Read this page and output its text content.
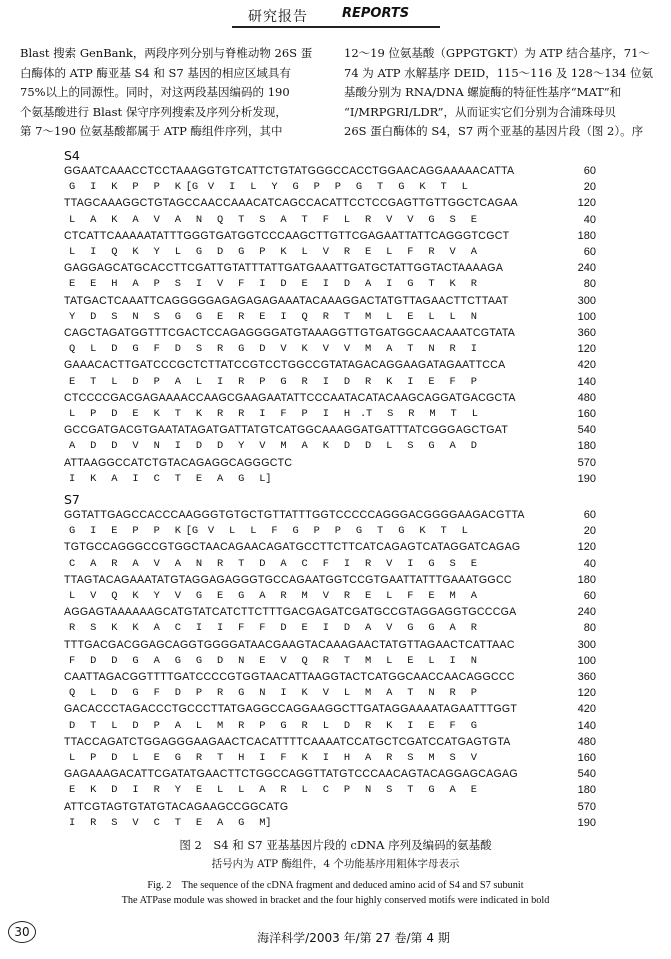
研究报告	REPORTS

Blast 搜索 GenBank，两段序列分别与脊椎动物 26S 蛋

白酶体的 ATP 酶亚基 S4 和 S7 基因的相应区域具有

75%以上的同源性。同时，对这两段基因编码的 190

个氨基酸进行 Blast 保守序列搜索及序列分析发现，

第 7～190 位氨基酸都属于 ATP 酶组件序列，其中

12～19 位氨基酸（GPPGTGKT）为 ATP 结合基序，71～

74 为 ATP 水解基序 DEID，115～116 及 128～134 位氨

基酸分别为 RNA/DNA 螺旋酶的特征性基序“MAT”和

“I/MRPGRI/LDR”，从而证实它们分别为合浦珠母贝

26S 蛋白酶体的 S4，S7 两个亚基的基因片段（图 2）。序

S4
GGAATCAAACCTCCTAAAGGTGTCATTCTGTATGGGCCACCTGGAACAGGAAAAACATTA	60
G   I   K   P   P   K [G  V   I   L   Y   G   P   P   G   T   G   K   T   L	20
TTAGCAAAGGCTGTAGCCAACCAAACATCAGCCACATTCCTCCGAGTTGTTGGCTCAGAA	120
L   A   K   A   V   A   N   Q   T   S   A   T   F   L   R   V   V   G   S   E	40
CTCATTCAAAAATATTTGGGTGATGGTCCCAAGCTTGTTCGAGAATTATTCAGGGTCGCT	180
L   I   Q   K   Y   L   G   D   G   P   K   L   V   R   E   L   F   R   V   A	60
GAGGAGCATGCACCTTCGATTGTATTTATTGATGAAATTGATGCTATTGGTACTAAAAGA	240
E   E   H   A   P   S   I   V   F   I   D   E   I   D   A   I   G   T   K   R	80
TATGACTCAAATTCAGGGGGAGAGAGAGAAATACAAAGGACTATGTTAGAACTTCTTAAT	300
Y   D   S   N   S   G   G   E   R   E   I   Q   R   T   M   L   E   L   L   N	100
CAGCTAGATGGTTTCGACTCCAGAGGGGATGTAAAGGTTGTGATGGCAACAAATCGTATA	360
Q   L   D   G   F   D   S   R   G   D   V   K   V   V   M   A   T   N   R   I	120
GAAACACTTGATCCCGCTCTTATCCGTCCTGGCCGTATAGACAGGAAGATAGAATTCCA	420
E   T   L   D   P   A   L   I   R   P   G   R   I   D   R   K   I   E   F   P	140
CTCCCCGACGAGAAAACCAAGCGAAGAATATTCCCAATACATACAAGCAGGATGACGCTA	480
L   P   D   E   K   T   K   R   R   I   F   P   I   H  .T   S   R   M   T   L	160
GCCGATGACGTGAATATAGATGATTATGTCATGGCAAAGGATGATTTATCGGGAGCTGAT	540
A   D   D   V   N   I   D   D   Y   V   M   A   K   D   D   L   S   G   A   D	180
ATTAAGGCCATCTGTACAGAGGCAGGGCTC	570
I   K   A   I   C   T   E   A   G   L]	190
S7
GGTATTGAGCCACCCAAGGGTGTGCTGTTATTTGGTCCCCCAGGGACGGGGAAGACGTTA	60
G   I   E   P   P   K [G  V   L   L   F   G   P   P   G   T   G   K   T   L	20
TGTGCCAGGGCCGTGGCTAACAGAACAGATGCCTTCTTCATCAGAGTCATAGGATCAGAG	120
C   A   R   A   V   A   N   R   T   D   A   C   F   I   R   V   I   G   S   E	40
TTAGTACAGAAATATGTAGGAGAGGGTGCCAGAATGGTCCGTGAATTATTTGAAATGGCC	180
L   V   Q   K   Y   V   G   E   G   A   R   M   V   R   E   L   F   E   M   A	60
AGGAGTAAAAAAGCATGTATCATCTTCTTTGACGAGATCGATGCCGTAGGAGGTGCCCGA	240
R   S   K   K   A   C   I   I   F   F   D   E   I   D   A   V   G   G   A   R	80
TTTGACGACGGAGCAGGTGGGGATAACGAAGTACAAAGAACTATGTTAGAACTCATTAAC	300
F   D   D   G   A   G   G   D   N   E   V   Q   R   T   M   L   E   L   I   N	100
CAATTAGACGGTTTTGATCCCCGTGGTAACATTAAGGTACTCATGGCAACCAACAGGCCC	360
Q   L   D   G   F   D   P   R   G   N   I   K   V   L   M   A   T   N   R   P	120
GACACCCTAGACCCTGCCCTTATGAGGCCAGGAAGGCTTGATAGGAAAATAGAATTTGGT	420
D   T   L   D   P   A   L   M   R   P   G   R   L   D   R   K   I   E   F   G	140
TTACCAGATCTGGAGGGAAGAACTCACATTTTCAAAATCCATGCTCGATCCATGAGTGTA	480
L   P   D   L   E   G   R   T   H   I   F   K   I   H   A   R   S   M   S   V	160
GAGAAAGACATTCGATATGAACTTCTGGCCAGGTTATGTCCCAACAGTACAGGAGCAGAG	540
E   K   D   I   R   Y   E   L   L   A   R   L   C   P   N   S   T   G   A   E	180
ATTCGTAGTGTATGTACAGAAGCCGGCATG	570
I   R   S   V   C   T   E   A   G   M]	190
图 2　S4 和 S7 亚基基因片段的 cDNA 序列及编码的氨基酸
括号内为 ATP 酶组件，4 个功能基序用粗体字母表示
Fig. 2　The sequence of the cDNA fragment and deduced amino acid of S4 and S7 subunit
The ATPase module was showed in bracket and the four highly conserved motifs were indicated in bold
30	海洋科学/2003 年/第 27 卷/第 4 期
